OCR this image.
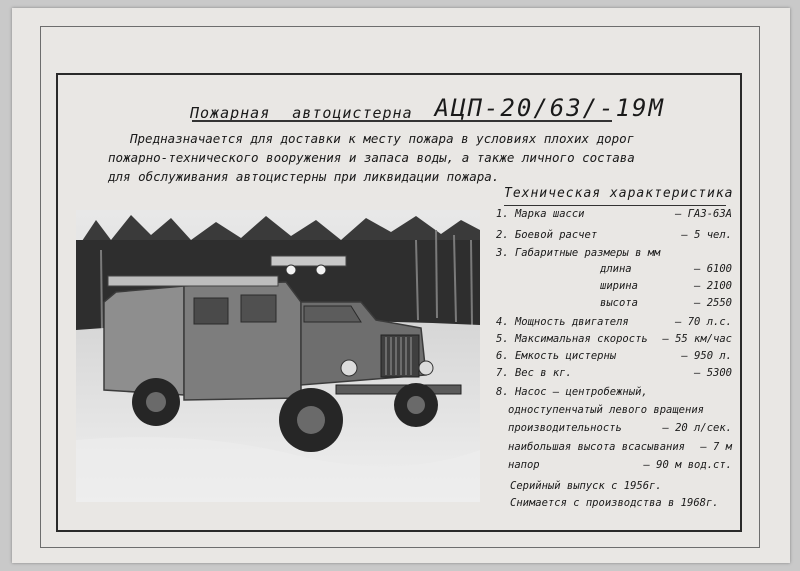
Пожарная автоцистерна АЦП-20/63/-19М
Предназначается для доставки к месту пожара в условиях плохих дорог
пожарно-технического вооружения и запаса воды, а также личного состава
для обслуживания автоцистерны при ликвидации пожара.
Техническая характеристика
1. Марка шасси	— ГАЗ-63А
2. Боевой расчет	— 5 чел.
3. Габаритные размеры в мм
длина	— 6100
ширина	— 2100
высота	— 2550
4. Мощность двигателя	— 70 л.с.
5. Максимальная скорость — 55 км/час
6. Емкость цистерны	— 950 л.
7. Вес в кг.	— 5300
8. Насос — центробежный,
одноступенчатый левого вращения
производительность	— 20 л/сек.
наибольшая высота всасывания — 7 м
напор	— 90 м вод.ст.
Серийный выпуск с 1956г.
Снимается с производства в 1968г.
